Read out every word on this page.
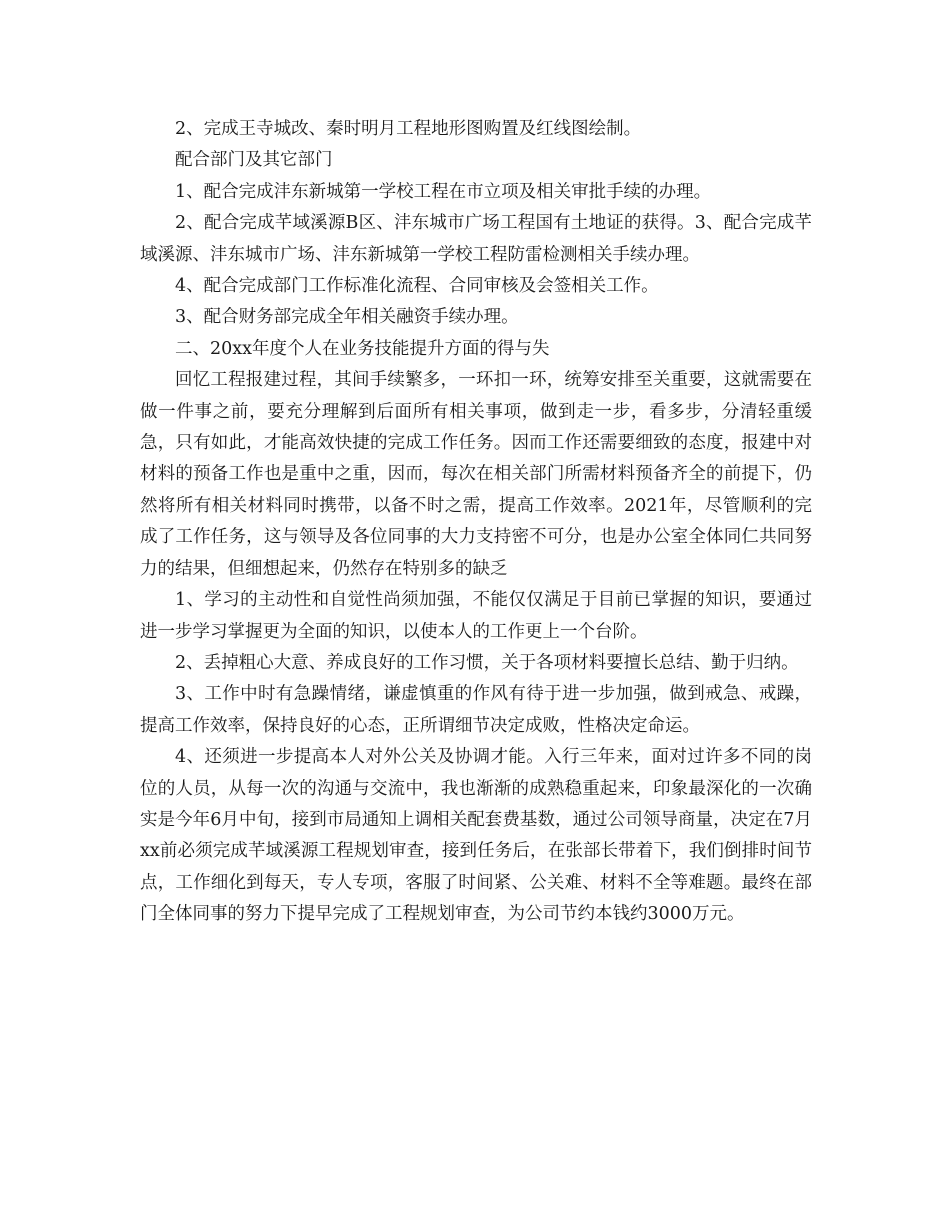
2、完成王寺城改、秦时明月工程地形图购置及红线图绘制。

配合部门及其它部门

1、配合完成沣东新城第一学校工程在市立项及相关审批手续的办理。

2、配合完成芊域溪源B区、沣东城市广场工程国有土地证的获得。3、配合完成芊域溪源、沣东城市广场、沣东新城第一学校工程防雷检测相关手续办理。

4、配合完成部门工作标准化流程、合同审核及会签相关工作。

3、配合财务部完成全年相关融资手续办理。

二、20xx年度个人在业务技能提升方面的得与失

回忆工程报建过程，其间手续繁多，一环扣一环，统筹安排至关重要，这就需要在做一件事之前，要充分理解到后面所有相关事项，做到走一步，看多步，分清轻重缓急，只有如此，才能高效快捷的完成工作任务。因而工作还需要细致的态度，报建中对材料的预备工作也是重中之重，因而，每次在相关部门所需材料预备齐全的前提下，仍然将所有相关材料同时携带，以备不时之需，提高工作效率。2021年，尽管顺利的完成了工作任务，这与领导及各位同事的大力支持密不可分，也是办公室全体同仁共同努力的结果，但细想起来，仍然存在特别多的缺乏

1、学习的主动性和自觉性尚须加强，不能仅仅满足于目前已掌握的知识，要通过进一步学习掌握更为全面的知识，以使本人的工作更上一个台阶。

2、丢掉粗心大意、养成良好的工作习惯，关于各项材料要擅长总结、勤于归纳。

3、工作中时有急躁情绪，谦虚慎重的作风有待于进一步加强，做到戒急、戒躁，提高工作效率，保持良好的心态，正所谓细节决定成败，性格决定命运。

4、还须进一步提高本人对外公关及协调才能。入行三年来，面对过许多不同的岗位的人员，从每一次的沟通与交流中，我也渐渐的成熟稳重起来，印象最深化的一次确实是今年6月中旬，接到市局通知上调相关配套费基数，通过公司领导商量，决定在7月xx前必须完成芊域溪源工程规划审查，接到任务后，在张部长带着下，我们倒排时间节点，工作细化到每天，专人专项，客服了时间紧、公关难、材料不全等难题。最终在部门全体同事的努力下提早完成了工程规划审查，为公司节约本钱约3000万元。
